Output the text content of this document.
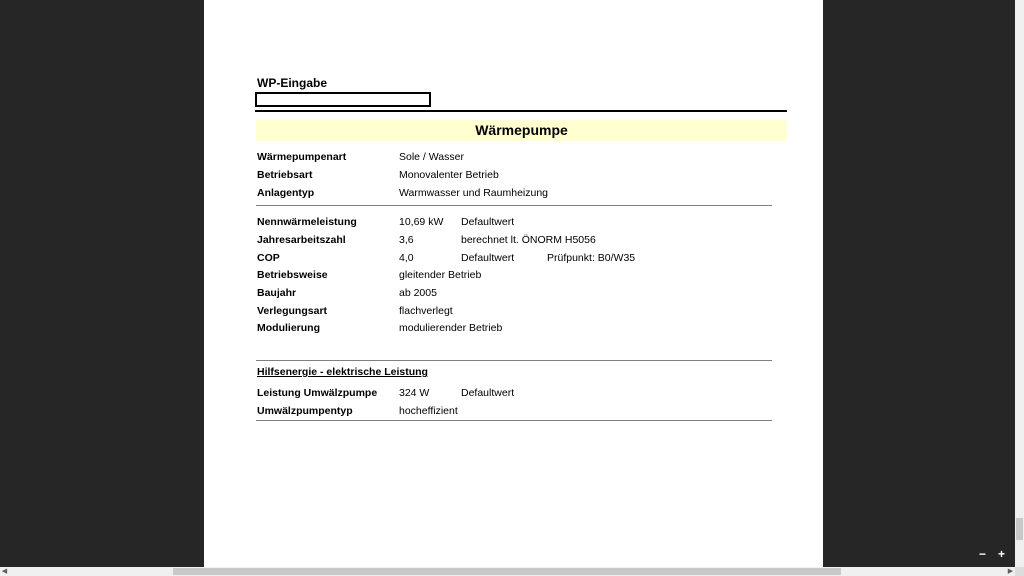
WP-Eingabe
Wärmepumpe
Wärmepumpenart	Sole / Wasser
Betriebsart	Monovalenter Betrieb
Anlagentyp	Warmwasser und Raumheizung
Nennwärmeleistung	10,69 kW Defaultwert
Jahresarbeitszahl	3,6	berechnet lt. ÖNORM H5056
COP	4,0	Defaultwert	Prüfpunkt: B0/W35
Betriebsweise	gleitender Betrieb
Baujahr	ab 2005
Verlegungsart	flachverlegt
Modulierung	modulierender Betrieb
Hilfsenergie - elektrische Leistung
Leistung Umwälzpumpe 324 W	Defaultwert
Umwälzpumpentyp	hocheffizient
− +
◀	▶
